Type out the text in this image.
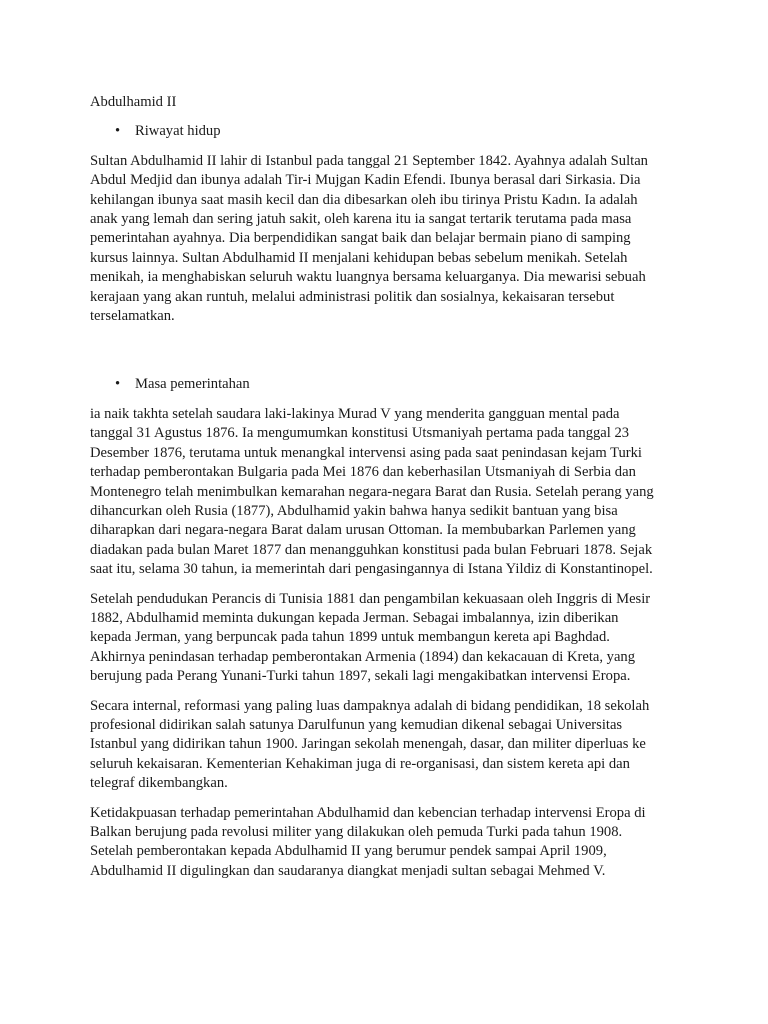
Abdulhamid II
• Riwayat hidup
Sultan Abdulhamid II lahir di Istanbul pada tanggal 21 September 1842. Ayahnya adalah Sultan
Abdul Medjid dan ibunya adalah Tir-i Mujgan Kadin Efendi. Ibunya berasal dari Sirkasia. Dia
kehilangan ibunya saat masih kecil dan dia dibesarkan oleh ibu tirinya Pristu Kadın. Ia adalah
anak yang lemah dan sering jatuh sakit, oleh karena itu ia sangat tertarik terutama pada masa
pemerintahan ayahnya. Dia berpendidikan sangat baik dan belajar bermain piano di samping
kursus lainnya. Sultan Abdulhamid II menjalani kehidupan bebas sebelum menikah. Setelah
menikah, ia menghabiskan seluruh waktu luangnya bersama keluarganya. Dia mewarisi sebuah
kerajaan yang akan runtuh, melalui administrasi politik dan sosialnya, kekaisaran tersebut
terselamatkan.
• Masa pemerintahan
ia naik takhta setelah saudara laki-lakinya Murad V yang menderita gangguan mental pada
tanggal 31 Agustus 1876. Ia mengumumkan konstitusi Utsmaniyah pertama pada tanggal 23
Desember 1876, terutama untuk menangkal intervensi asing pada saat penindasan kejam Turki
terhadap pemberontakan Bulgaria pada Mei 1876 dan keberhasilan Utsmaniyah di Serbia dan
Montenegro telah menimbulkan kemarahan negara-negara Barat dan Rusia. Setelah perang yang
dihancurkan oleh Rusia (1877), Abdulhamid yakin bahwa hanya sedikit bantuan yang bisa
diharapkan dari negara-negara Barat dalam urusan Ottoman. Ia membubarkan Parlemen yang
diadakan pada bulan Maret 1877 dan menangguhkan konstitusi pada bulan Februari 1878. Sejak
saat itu, selama 30 tahun, ia memerintah dari pengasingannya di Istana Yildiz di Konstantinopel.
Setelah pendudukan Perancis di Tunisia 1881 dan pengambilan kekuasaan oleh Inggris di Mesir
1882, Abdulhamid meminta dukungan kepada Jerman. Sebagai imbalannya, izin diberikan
kepada Jerman, yang berpuncak pada tahun 1899 untuk membangun kereta api Baghdad.
Akhirnya penindasan terhadap pemberontakan Armenia (1894) dan kekacauan di Kreta, yang
berujung pada Perang Yunani-Turki tahun 1897, sekali lagi mengakibatkan intervensi Eropa.
Secara internal, reformasi yang paling luas dampaknya adalah di bidang pendidikan, 18 sekolah
profesional didirikan salah satunya Darulfunun yang kemudian dikenal sebagai Universitas
Istanbul yang didirikan tahun 1900. Jaringan sekolah menengah, dasar, dan militer diperluas ke
seluruh kekaisaran. Kementerian Kehakiman juga di re-organisasi, dan sistem kereta api dan
telegraf dikembangkan.
Ketidakpuasan terhadap pemerintahan Abdulhamid dan kebencian terhadap intervensi Eropa di
Balkan berujung pada revolusi militer yang dilakukan oleh pemuda Turki pada tahun 1908.
Setelah pemberontakan kepada Abdulhamid II yang berumur pendek sampai April 1909,
Abdulhamid II digulingkan dan saudaranya diangkat menjadi sultan sebagai Mehmed V.
